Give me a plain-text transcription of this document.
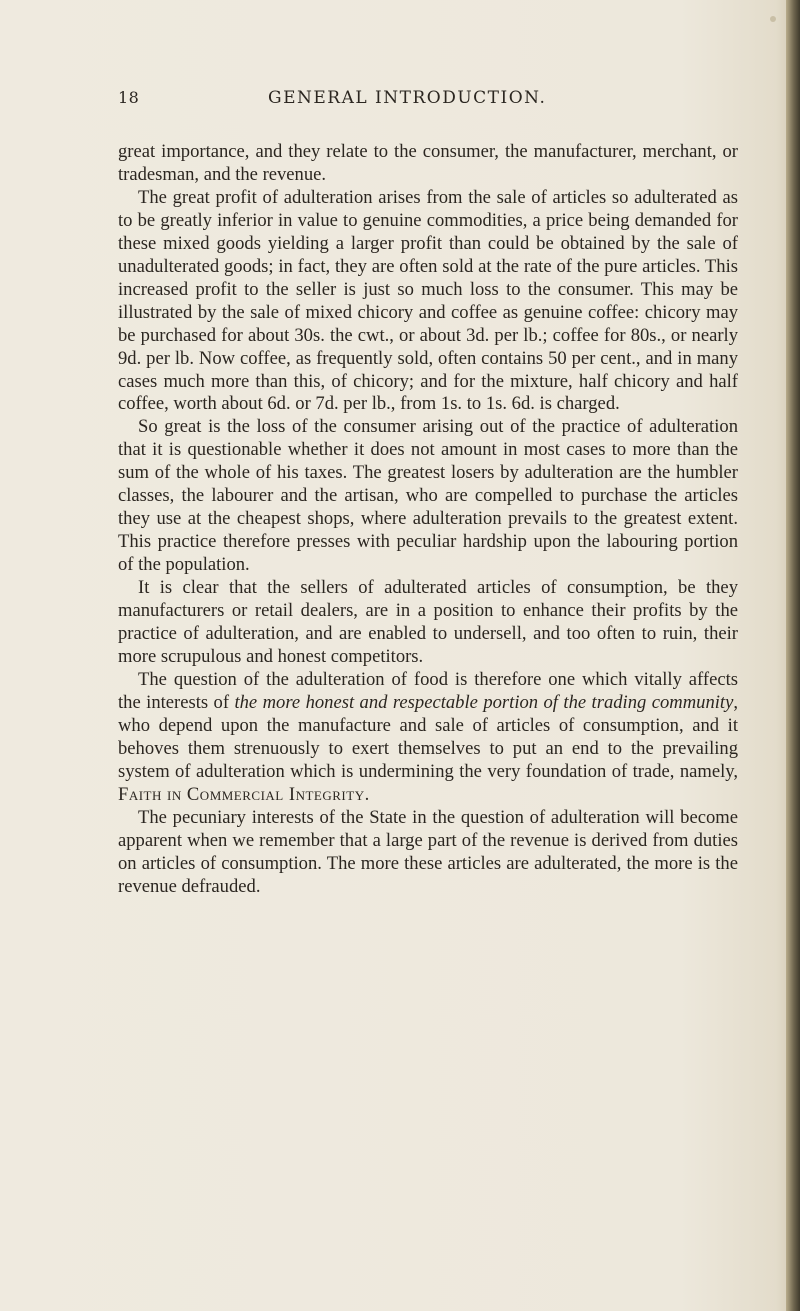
18	GENERAL INTRODUCTION.

great importance, and they relate to the consumer, the manufacturer, merchant, or tradesman, and the revenue.

The great profit of adulteration arises from the sale of articles so adulterated as to be greatly inferior in value to genuine commodities, a price being demanded for these mixed goods yielding a larger profit than could be obtained by the sale of unadulterated goods; in fact, they are often sold at the rate of the pure articles. This increased profit to the seller is just so much loss to the consumer. This may be illustrated by the sale of mixed chicory and coffee as genuine coffee: chicory may be purchased for about 30s. the cwt., or about 3d. per lb.; coffee for 80s., or nearly 9d. per lb. Now coffee, as frequently sold, often contains 50 per cent., and in many cases much more than this, of chicory; and for the mixture, half chicory and half coffee, worth about 6d. or 7d. per lb., from 1s. to 1s. 6d. is charged.

So great is the loss of the consumer arising out of the practice of adulteration that it is questionable whether it does not amount in most cases to more than the sum of the whole of his taxes. The greatest losers by adulteration are the humbler classes, the labourer and the artisan, who are compelled to purchase the articles they use at the cheapest shops, where adulteration prevails to the greatest extent. This practice therefore presses with peculiar hardship upon the labouring portion of the population.

It is clear that the sellers of adulterated articles of consumption, be they manufacturers or retail dealers, are in a position to enhance their profits by the practice of adulteration, and are enabled to undersell, and too often to ruin, their more scrupulous and honest competitors.

The question of the adulteration of food is therefore one which vitally affects the interests of the more honest and respectable portion of the trading community, who depend upon the manufacture and sale of articles of consumption, and it behoves them strenuously to exert themselves to put an end to the prevailing system of adulteration which is undermining the very foundation of trade, namely, Faith in Commercial Integrity.

The pecuniary interests of the State in the question of adulteration will become apparent when we remember that a large part of the revenue is derived from duties on articles of consumption. The more these articles are adulterated, the more is the revenue defrauded.
